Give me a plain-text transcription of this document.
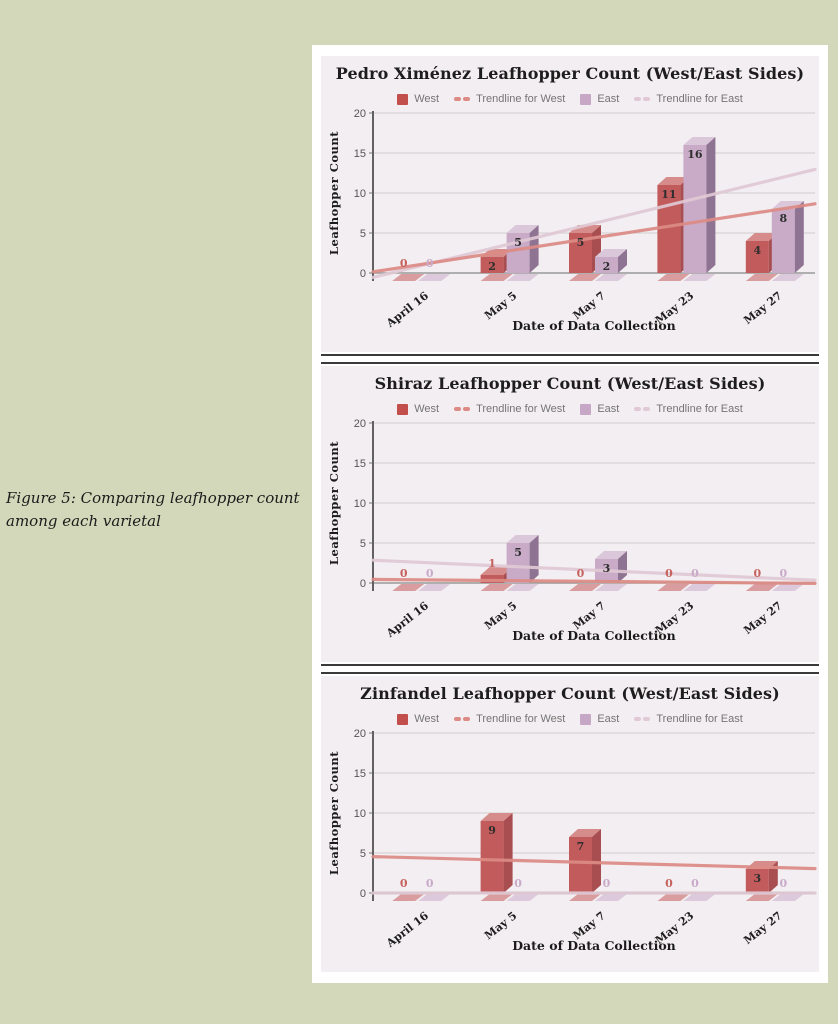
Figure 5: Comparing leafhopper count among each varietal
Pedro Ximénez Leafhopper Count (West/East Sides)
West	Trendline for West	East	Trendline for East
0
5
10
15
20
0 0	2
5	5
2
11
16
4
8
April 16	May 5	May 7	May 23	May 27
Date of Data Collection
Leafhopper Count
Shiraz Leafhopper Count (West/East Sides)
West	Trendline for West	East	Trendline for East
0
5
10
15
20
0 0
1
5
0 3	0 0	0 0
April 16	May 5	May 7	May 23	May 27
Date of Data Collection
Leafhopper Count
Zinfandel Leafhopper Count (West/East Sides)
West	Trendline for West	East	Trendline for East
0
5
10
15
20
0 0
9
0
7
0	0 0	3 0
April 16	May 5	May 7	May 23	May 27
Date of Data Collection
Leafhopper Count
